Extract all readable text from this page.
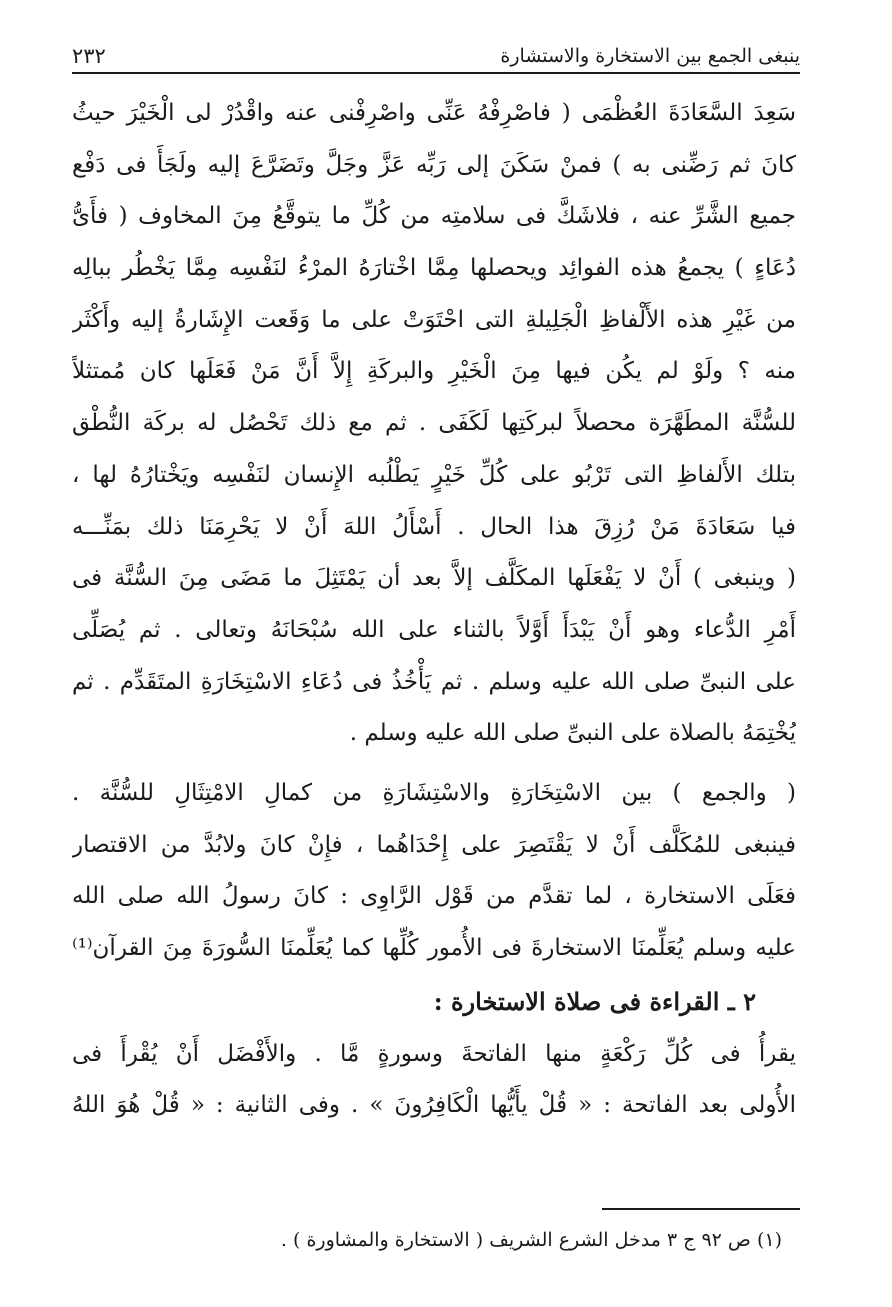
ينبغى الجمع بين الاستخارة والاستشارة
٢٣٢
سَعِدَ السَّعَادَةَ العُظْمَى ( فاصْرِفْهُ عَنِّى واصْرِفْنى عنه واقْدُرْ لى الْخَيْرَ حيثُ
كانَ ثم رَضِّنى به ) فمنْ سَكَنَ إلى رَبِّه عَزَّ وجَلَّ وتَضَرَّعَ إليه ولَجَأَ فى دَفْع
جميع الشَّرِّ عنه ، فلاشَكَّ فى سلامتِه من كُلِّ ما يتوقَّعُ مِنَ المخاوف ( فأَىُّ
دُعَاءٍ ) يجمعُ هذه الفوائِد ويحصلها مِمَّا اخْتارَهُ المرْءُ لنَفْسِه مِمَّا يَخْطُر ببالِه
من غَيْرِ هذه الأَلْفاظِ الْجَلِيلةِ التى احْتَوَتْ على ما وَقَعت الإِشَارةُ إليه وأَكْثَر
منه ؟ ولَوْ لم يكُن فيها مِنَ الْخَيْرِ والبركَةِ إِلاَّ أَنَّ مَنْ فَعَلَها كان مُمتثلاً
للسُّنَّة المطَهَّرَة محصلاً لبركَتِها لَكَفَى . ثم مع ذلك تَحْصُل له بركَة النُّطْق
بتلك الأَلفاظِ التى تَرْبُو على كُلِّ خَيْرٍ يَطْلُبه الإِنسان لنَفْسِه ويَخْتارُهُ لها ،
فيا سَعَادَةَ مَنْ رُزِقَ هذا الحال . أَسْأَلُ اللهَ أَنْ لا يَحْرِمَنَا ذلك بمَنِّـــه
( وينبغى ) أَنْ لا يَفْعَلَها المكَلَّف إلاَّ بعد أن يَمْتَثِلَ ما مَضَى مِنَ السُّنَّة فى
أَمْرِ الدُّعاء وهو أَنْ يَبْدَأَ أَوَّلاً بالثناء على الله سُبْحَانَهُ وتعالى . ثم يُصَلِّى
على النبىِّ صلى الله عليه وسلم . ثم يَأْخُذُ فى دُعَاءِ الاسْتِخَارَةِ المتَقَدِّم . ثم
يُخْتِمَهُ بالصلاة على النبىِّ صلى الله عليه وسلم .
( والجمع ) بين الاسْتِخَارَةِ والاسْتِشَارَةِ من كمالِ الامْتِثَالِ للسُّنَّة .
فينبغى للمُكَلَّف أَنْ لا يَقْتَصِرَ على إِحْدَاهُما ، فإِنْ كانَ ولابُدَّ من الاقتصار
فعَلَى الاستخارة ، لما تقدَّم من قَوْل الرَّاوِى : كانَ رسولُ الله صلى الله
عليه وسلم يُعَلِّمنَا الاستخارةَ فى الأُمور كُلِّها كما يُعَلِّمنَا السُّورَةَ مِنَ القرآن⁽¹⁾
٢ ـ القراءة فى صلاة الاستخارة :
يقرأُ فى كُلِّ رَكْعَةٍ منها الفاتحةَ وسورةٍ مَّا . والأَفْضَل أَنْ يُقْرأَ فى
الأُولى بعد الفاتحة : « قُلْ يأَيُّها الْكَافِرُونَ » . وفى الثانية : « قُلْ هُوَ اللهُ
(١) ص ٩٢ ج ٣ مدخل الشرع الشريف ( الاستخارة والمشاورة ) .
